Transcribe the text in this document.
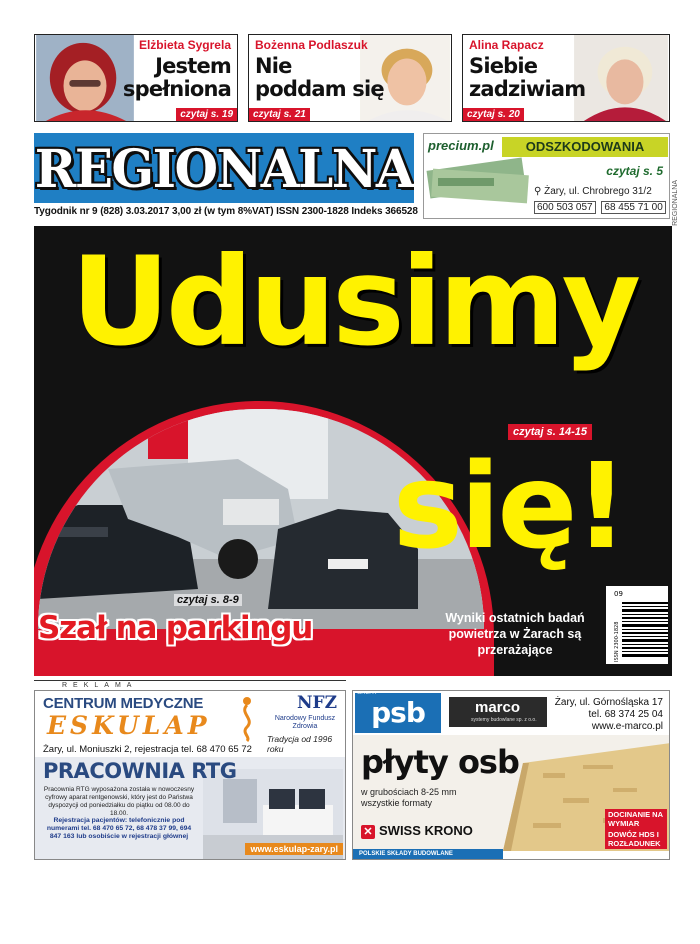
Elżbieta Sygrela
Jestem
spełniona
czytaj s. 19
Bożenna Podlaszuk
Nie
poddam się
czytaj s. 21
Alina Rapacz
Siebie
zadziwiam
czytaj s. 20
REGIONALNA
Tygodnik nr 9 (828) 3.03.2017 3,00 zł (w tym 8%VAT) ISSN 2300-1828 Indeks 366528
precium.pl	ODSZKODOWANIA
czytaj s. 5
⚲ Żary, ul. Chrobrego 31/2
600 503 057 68 455 71 00
Udusimy
czytaj s. 8-9
Szał na parkingu
czytaj s. 14-15
się!
Wyniki ostatnich badań powietrza w Żarach są przerażające
09
ISSN 2300-1828
REGIONALNA
REKLAMA
CENTRUM MEDYCZNE
ESKULAP
NFZ
Narodowy Fundusz Zdrowia
Tradycja od 1996 roku
Żary, ul. Moniuszki 2, rejestracja tel. 68 470 65 72
PRACOWNIA RTG
Pracownia RTG wyposażona została w nowoczesny cyfrowy aparat rentgenowski, który jest do Państwa dyspozycji od poniedziałku do piątku od 08.00 do 18.00.
Rejestracja pacjentów: telefonicznie pod numerami tel. 68 470 65 72, 68 478 37 99, 694 847 163 lub osobiście w rejestracji głównej
www.eskulap-zary.pl
psb
GRUPA
marco
systemy budowlane sp. z o.o.
Żary, ul. Górnośląska 17
tel. 68 374 25 04
www.e-marco.pl
płyty osb
w grubościach 8-25 mm
wszystkie formaty
✕ SWISS KRONO
DOCINANIE NA WYMIAR
DOWÓZ HDS I ROZŁADUNEK
POLSKIE SKŁADY BUDOWLANE
